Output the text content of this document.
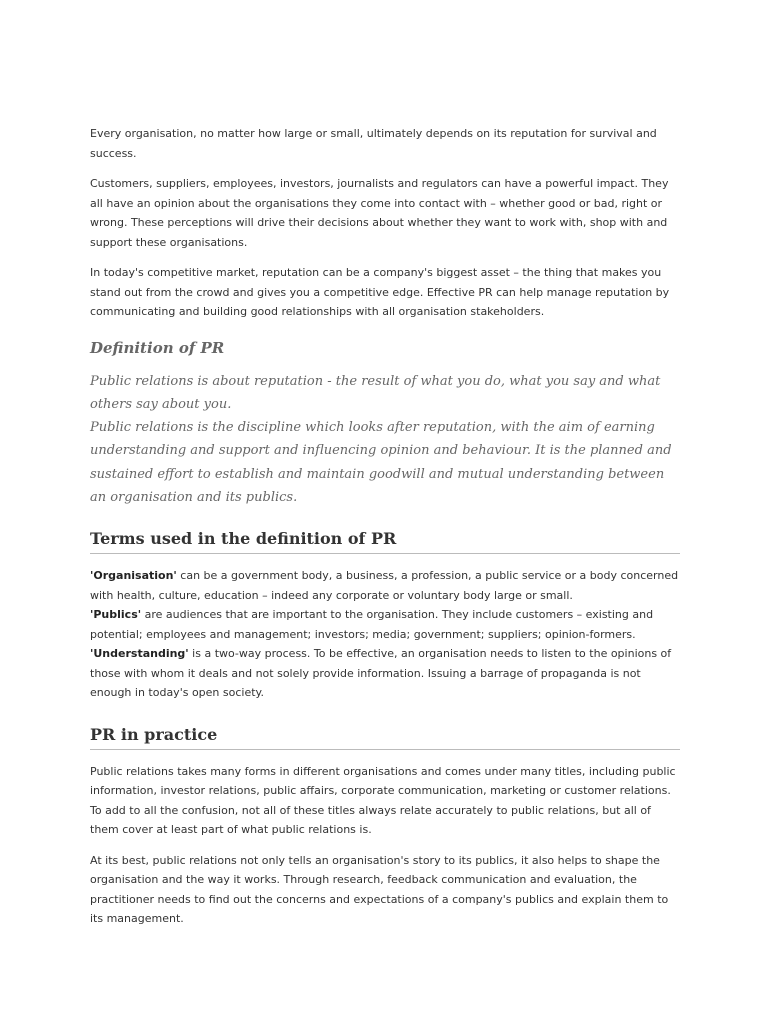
Every organisation, no matter how large or small, ultimately depends on its reputation for survival and success.

Customers, suppliers, employees, investors, journalists and regulators can have a powerful impact. They all have an opinion about the organisations they come into contact with – whether good or bad, right or wrong. These perceptions will drive their decisions about whether they want to work with, shop with and support these organisations.

In today's competitive market, reputation can be a company's biggest asset – the thing that makes you stand out from the crowd and gives you a competitive edge. Effective PR can help manage reputation by communicating and building good relationships with all organisation stakeholders.

Definition of PR

Public relations is about reputation - the result of what you do, what you say and what others say about you.

Public relations is the discipline which looks after reputation, with the aim of earning understanding and support and influencing opinion and behaviour. It is the planned and sustained effort to establish and maintain goodwill and mutual understanding between an organisation and its publics.

Terms used in the definition of PR

'Organisation' can be a government body, a business, a profession, a public service or a body concerned with health, culture, education – indeed any corporate or voluntary body large or small.

'Publics' are audiences that are important to the organisation. They include customers – existing and potential; employees and management; investors; media; government; suppliers; opinion-formers.

'Understanding' is a two-way process. To be effective, an organisation needs to listen to the opinions of those with whom it deals and not solely provide information. Issuing a barrage of propaganda is not enough in today's open society.

PR in practice

Public relations takes many forms in different organisations and comes under many titles, including public information, investor relations, public affairs, corporate communication, marketing or customer relations. To add to all the confusion, not all of these titles always relate accurately to public relations, but all of them cover at least part of what public relations is.

At its best, public relations not only tells an organisation's story to its publics, it also helps to shape the organisation and the way it works. Through research, feedback communication and evaluation, the practitioner needs to find out the concerns and expectations of a company's publics and explain them to its management.
